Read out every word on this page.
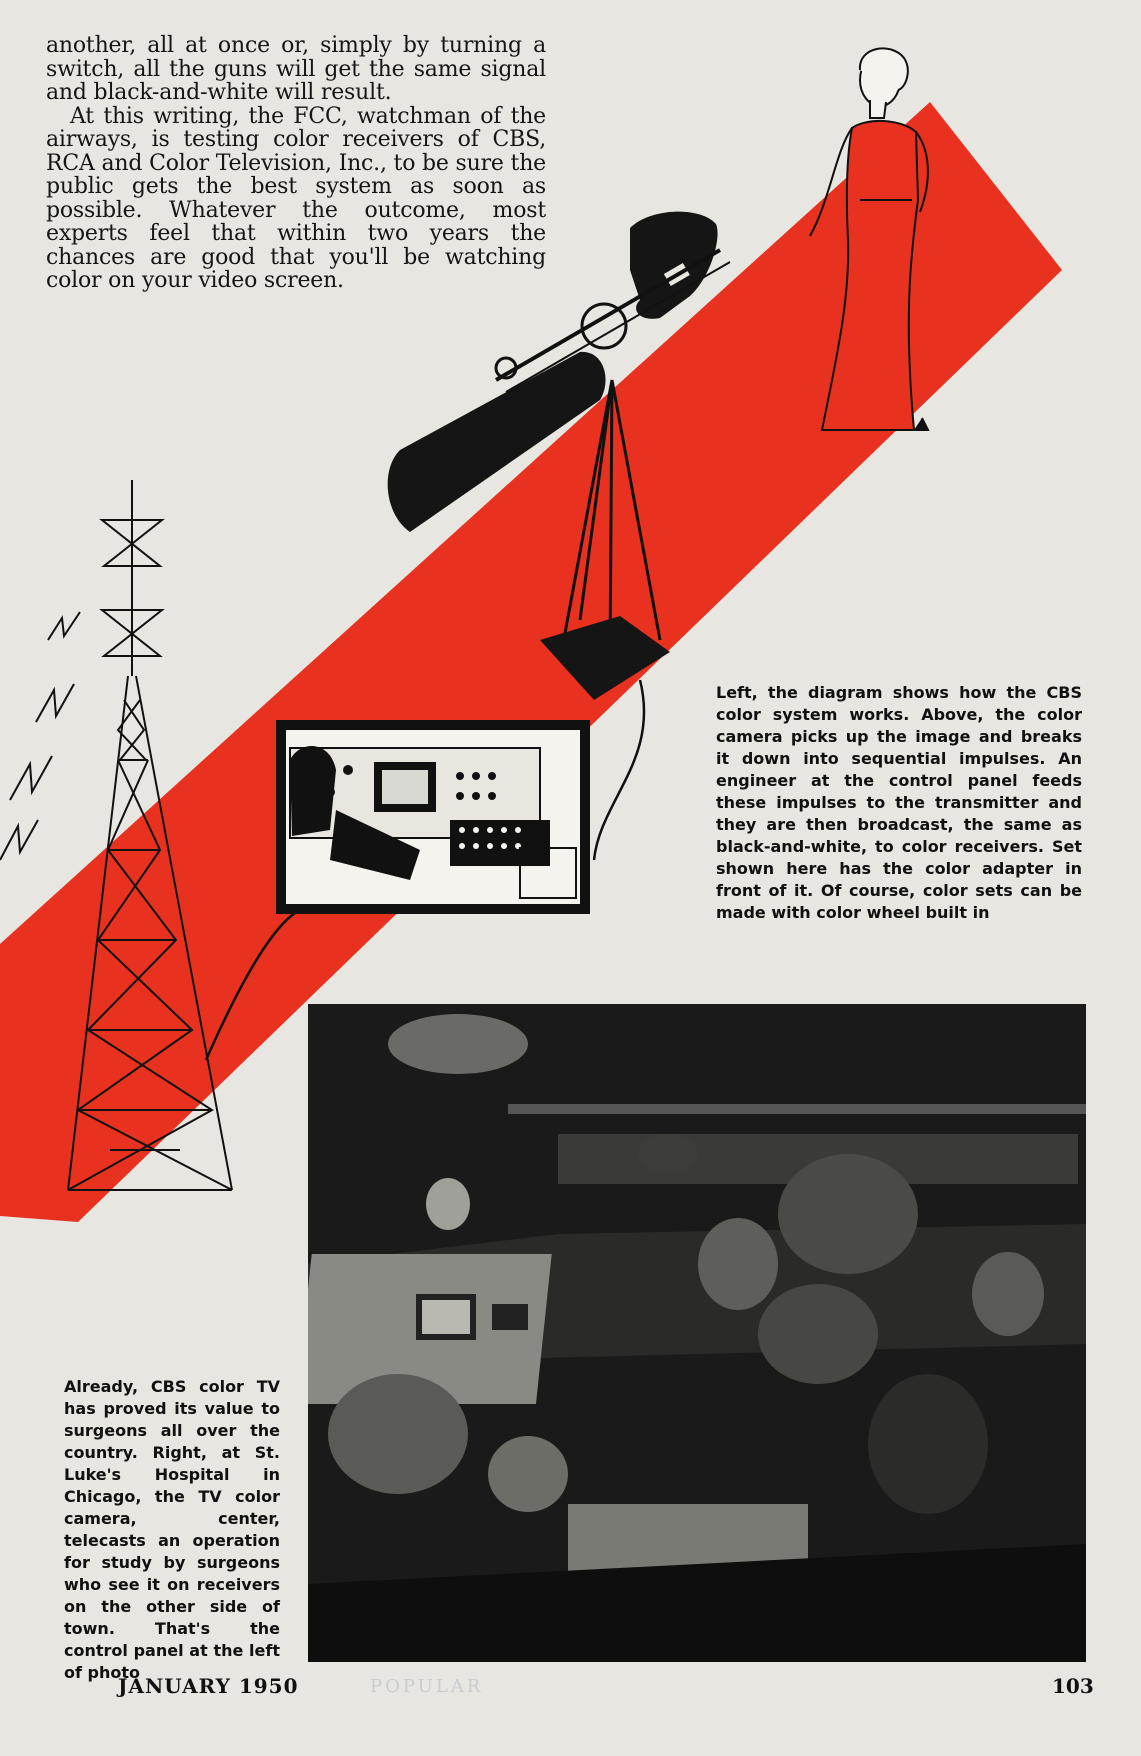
POPULAR

another, all at once or, simply by turning a switch, all the guns will get the same signal and black-and-white will result.

At this writing, the FCC, watchman of the airways, is testing color receivers of CBS, RCA and Color Television, Inc., to be sure the public gets the best system as soon as possible. Whatever the outcome, most experts feel that within two years the chances are good that you'll be watching color on your video screen.

Left, the diagram shows how the CBS color system works. Above, the color camera picks up the image and breaks it down into sequential impulses. An engineer at the control panel feeds these impulses to the transmitter and they are then broadcast, the same as black-and-white, to color receivers. Set shown here has the color adapter in front of it. Of course, color sets can be made with color wheel built in
Already, CBS color TV has proved its value to surgeons all over the country. Right, at St. Luke's Hospital in Chicago, the TV color camera, center, telecasts an operation for study by surgeons who see it on receivers on the other side of town. That's the control panel at the left of photo
JANUARY 1950	103
